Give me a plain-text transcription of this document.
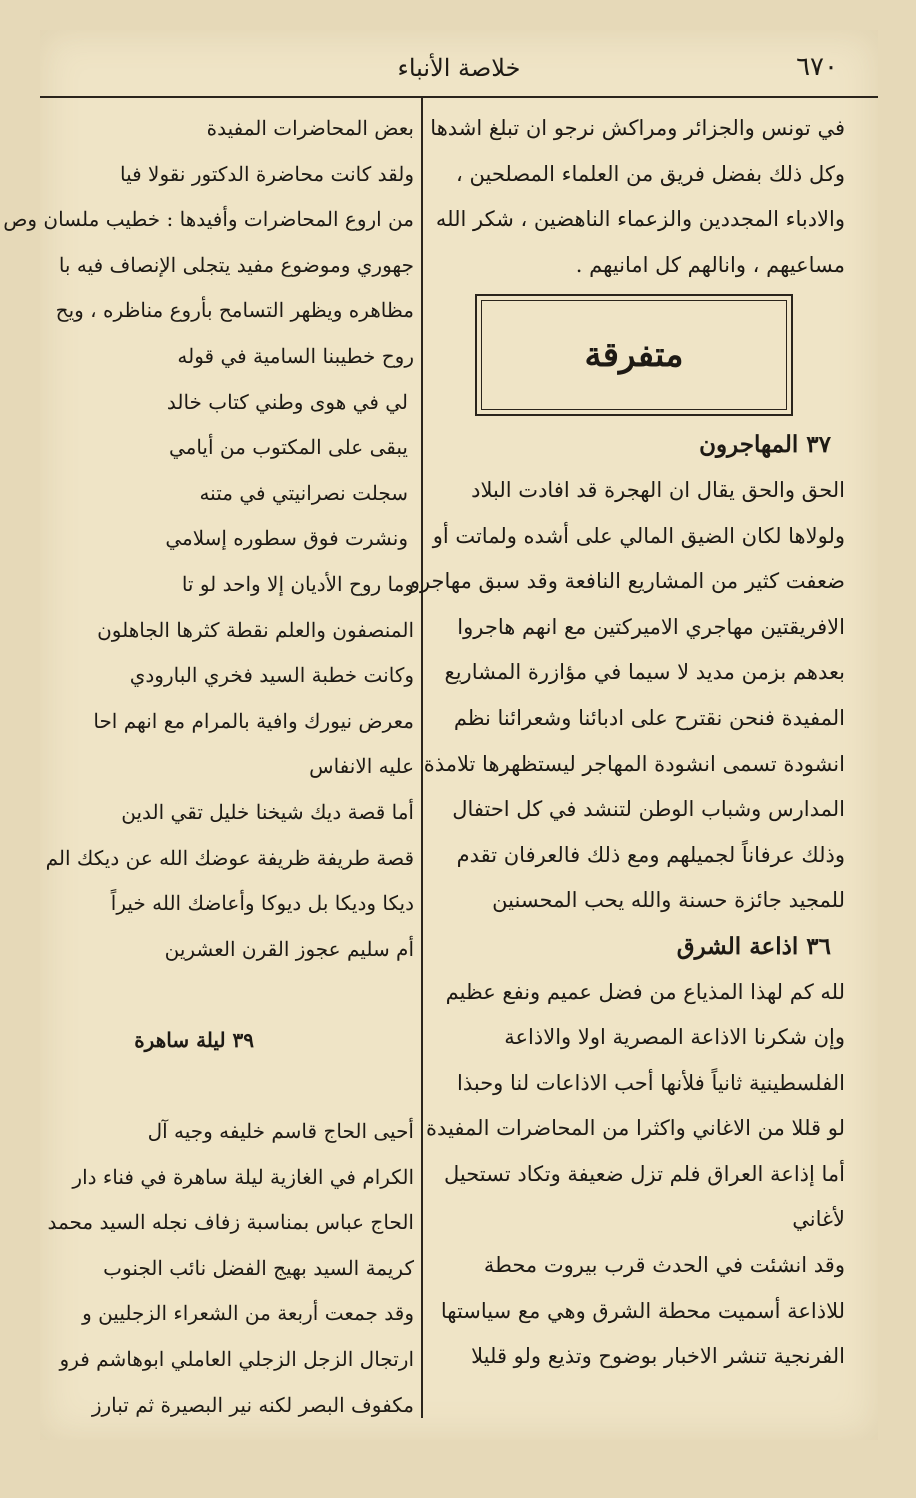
٦٧٠
خلاصة الأنباء
في تونس والجزائر ومراكش نرجو ان تبلغ اشدها
وكل ذلك بفضل فريق من العلماء المصلحين ،
والادباء المجددين والزعماء الناهضين ، شكر الله
مساعيهم ، وانالهم كل امانيهم .
متفرقة
٣٧ المهاجرون
الحق والحق يقال ان الهجرة قد افادت البلاد
ولولاها لكان الضيق المالي على أشده ولماتت أو
ضعفت كثير من المشاريع النافعة وقد سبق مهاجرو
الافريقتين مهاجري الاميركتين مع انهم هاجروا
بعدهم بزمن مديد لا سيما في مؤازرة المشاريع
المفيدة فنحن نقترح على ادبائنا وشعرائنا نظم
انشودة تسمى انشودة المهاجر ليستظهرها تلامذة
المدارس وشباب الوطن لتنشد في كل احتفال
وذلك عرفاناً لجميلهم ومع ذلك فالعرفان تقدم
للمجيد جائزة حسنة والله يحب المحسنين
٣٦ اذاعة الشرق
لله كم لهذا المذياع من فضل عميم ونفع عظيم
وإن شكرنا الاذاعة المصرية اولا والاذاعة
الفلسطينية ثانياً فلأنها أحب الاذاعات لنا وحبذا
لو قللا من الاغاني واكثرا من المحاضرات المفيدة
أما إذاعة العراق فلم تزل ضعيفة وتكاد تستحيل
لأغاني
وقد انشئت في الحدث قرب بيروت محطة
للاذاعة أسميت محطة الشرق وهي مع سياستها
الفرنجية تنشر الاخبار بوضوح وتذيع ولو قليلا
بعض المحاضرات المفيدة
ولقد كانت محاضرة الدكتور نقولا فيا
من اروع المحاضرات وأفيدها : خطيب ملسان وص
جهوري وموضوع مفيد يتجلى الإنصاف فيه با
مظاهره ويظهر التسامح بأروع مناظره ، ويح
روح خطيبنا السامية في قوله
لي في هوى وطني كتاب خالد
يبقى على المكتوب من أيامي
سجلت نصرانيتي في متنه
ونشرت فوق سطوره إسلامي
وما روح الأديان إلا واحد لو تا
المنصفون والعلم نقطة كثرها الجاهلون
وكانت خطبة السيد فخري البارودي
معرض نيورك وافية بالمرام مع انهم احا
عليه الانفاس
أما قصة ديك شيخنا خليل تقي الدين
قصة طريفة ظريفة عوضك الله عن ديكك الم
ديكا وديكا بل ديوكا وأعاضك الله خيراً
أم سليم عجوز القرن العشرين
٣٩ ليلة ساهرة
أحيى الحاج قاسم خليفه وجيه آل
الكرام في الغازية ليلة ساهرة في فناء دار
الحاج عباس بمناسبة زفاف نجله السيد محمد
كريمة السيد بهيج الفضل نائب الجنوب
وقد جمعت أربعة من الشعراء الزجليين و
ارتجال الزجل الزجلي العاملي ابوهاشم فرو
مكفوف البصر لكنه نير البصيرة ثم تبارز
